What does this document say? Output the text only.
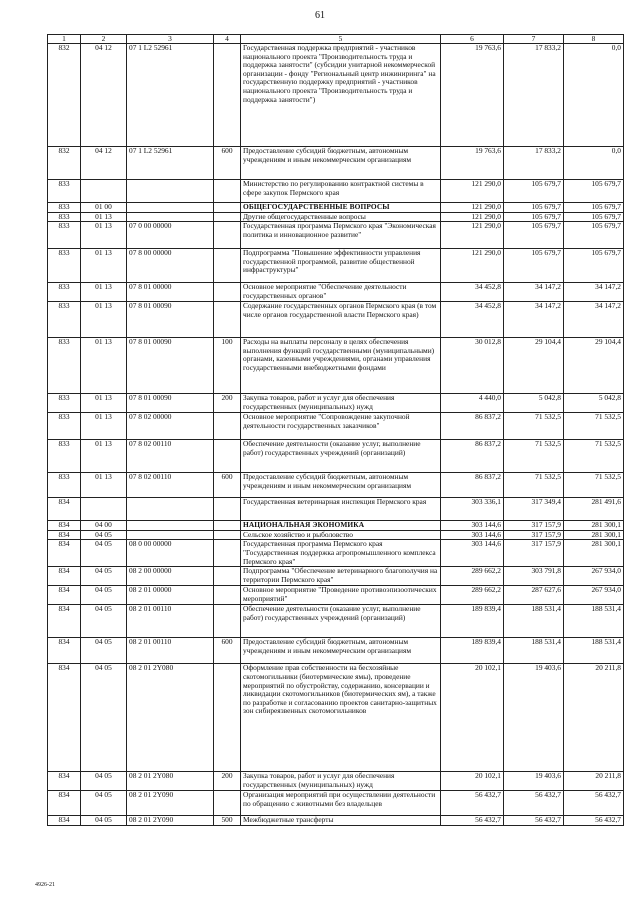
61
1	2	3	4	5	6	7	8
832	04 12	07 1 L2 52961		Государственная поддержка предприятий - участников национального проекта "Производительность труда и поддержка занятости" (субсидии унитарной некоммерческой организации - фонду "Региональный центр инжиниринга" на государственную поддержку предприятий - участников национального проекта "Производительность труда и поддержка занятости")	19 763,6	17 833,2	0,0
832	04 12	07 1 L2 52961	600	Предоставление субсидий бюджетным, автономным учреждениям и иным некоммерческим организациям	19 763,6	17 833,2	0,0
833				Министерство по регулированию контрактной системы в сфере закупок Пермского края	121 290,0	105 679,7	105 679,7
833	01 00			ОБЩЕГОСУДАРСТВЕННЫЕ ВОПРОСЫ	121 290,0	105 679,7	105 679,7
833	01 13			Другие общегосударственные вопросы	121 290,0	105 679,7	105 679,7
833	01 13	07 0 00 00000		Государственная программа Пермского края "Экономическая политика и инновационное развитие"	121 290,0	105 679,7	105 679,7
833	01 13	07 8 00 00000		Подпрограмма "Повышение эффективности управления государственной программой, развитие общественной инфраструктуры"	121 290,0	105 679,7	105 679,7
833	01 13	07 8 01 00000		Основное мероприятие "Обеспечение деятельности государственных органов"	34 452,8	34 147,2	34 147,2
833	01 13	07 8 01 00090		Содержание государственных органов Пермского края (в том числе органов государственной власти Пермского края)	34 452,8	34 147,2	34 147,2
833	01 13	07 8 01 00090	100	Расходы на выплаты персоналу в целях обеспечения выполнения функций государственными (муниципальными) органами, казенными учреждениями, органами управления государственными внебюджетными фондами	30 012,8	29 104,4	29 104,4
833	01 13	07 8 01 00090	200	Закупка товаров, работ и услуг для обеспечения государственных (муниципальных) нужд	4 440,0	5 042,8	5 042,8
833	01 13	07 8 02 00000		Основное мероприятие "Сопровождение закупочной деятельности государственных заказчиков"	86 837,2	71 532,5	71 532,5
833	01 13	07 8 02 00110		Обеспечение деятельности (оказание услуг, выполнение работ) государственных учреждений (организаций)	86 837,2	71 532,5	71 532,5
833	01 13	07 8 02 00110	600	Предоставление субсидий бюджетным, автономным учреждениям и иным некоммерческим организациям	86 837,2	71 532,5	71 532,5
834				Государственная ветеринарная инспекция Пермского края	303 336,1	317 349,4	281 491,6
834	04 00			НАЦИОНАЛЬНАЯ ЭКОНОМИКА	303 144,6	317 157,9	281 300,1
834	04 05			Сельское хозяйство и рыболовство	303 144,6	317 157,9	281 300,1
834	04 05	08 0 00 00000		Государственная программа Пермского края "Государственная поддержка агропромышленного комплекса Пермского края"	303 144,6	317 157,9	281 300,1
834	04 05	08 2 00 00000		Подпрограмма "Обеспечение ветеринарного благополучия на территории Пермского края"	289 662,2	303 791,8	267 934,0
834	04 05	08 2 01 00000		Основное мероприятие "Проведение противоэпизоотических мероприятий"	289 662,2	287 627,6	267 934,0
834	04 05	08 2 01 00110		Обеспечение деятельности (оказание услуг, выполнение работ) государственных учреждений (организаций)	189 839,4	188 531,4	188 531,4
834	04 05	08 2 01 00110	600	Предоставление субсидий бюджетным, автономным учреждениям и иным некоммерческим организациям	189 839,4	188 531,4	188 531,4
834	04 05	08 2 01 2Y080		Оформление прав собственности на бесхозяйные скотомогильники (биотермические ямы), проведение мероприятий по обустройству, содержанию, консервации и ликвидации скотомогильников (биотермических ям), а также по разработке и согласованию проектов санитарно-защитных зон сибиреязвенных скотомогильников	20 102,1	19 403,6	20 211,8
834	04 05	08 2 01 2Y080	200	Закупка товаров, работ и услуг для обеспечения государственных (муниципальных) нужд	20 102,1	19 403,6	20 211,8
834	04 05	08 2 01 2Y090		Организация мероприятий при осуществлении деятельности по обращению с животными без владельцев	56 432,7	56 432,7	56 432,7
834	04 05	08 2 01 2Y090	500	Межбюджетные трансферты	56 432,7	56 432,7	56 432,7
4926-21
